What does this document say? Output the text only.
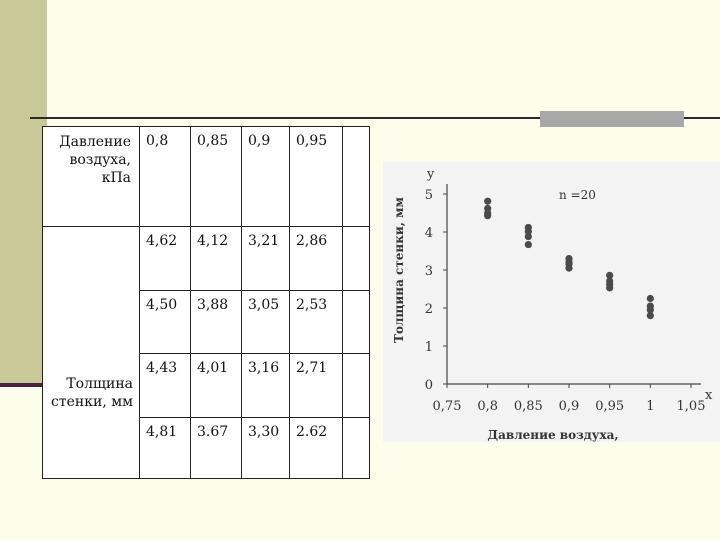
Давление воздуха, кПа	0,8	0,85	0,9	0,95	
Толщина стенки, мм	4,62	4,12	3,21	2,86	
	4,50	3,88	3,05	2,53	
	4,43	4,01	3,16	2,71	
	4,81	3.67	3,30	2.62	
y
x
n =20
Толщина стенки, мм
Давление воздуха,
0,75 0,8 0,85 0,9 0,95 1 1,05
0
1
2
3
4
5
